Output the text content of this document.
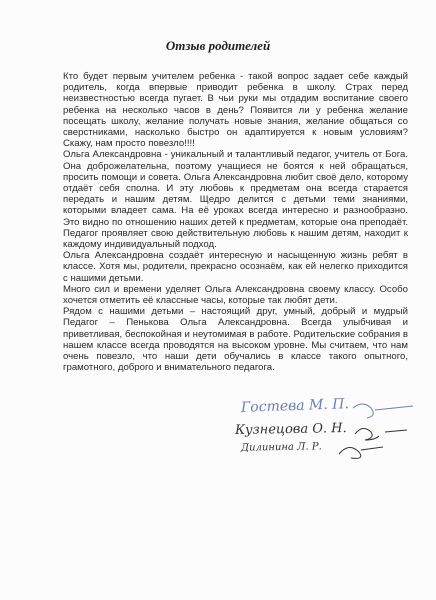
Отзыв родителей

Кто будет первым учителем ребенка - такой вопрос задает себе каждый родитель, когда впервые приводит ребенка в школу. Страх перед неизвестностью всегда пугает. В чьи руки мы отдадим воспитание своего ребенка на несколько часов в день? Появится ли у ребенка желание посещать школу, желание получать новые знания, желание общаться со сверстниками, насколько быстро он адаптируется к новым условиям? Скажу, нам просто повезло!!!!

Ольга Александровна - уникальный и талантливый педагог, учитель от Бога. Она доброжелательна, поэтому учащиеся не боятся к ней обращаться, просить помощи и совета. Ольга Александровна любит своё дело, которому отдаёт себя сполна. И эту любовь к предметам она всегда старается передать и нашим детям. Щедро делится с детьми теми знаниями, которыми владеет сама. На её уроках всегда интересно и разнообразно. Это видно по отношению наших детей к предметам, которые она преподаёт. Педагог проявляет свою действительную любовь к нашим детям, находит к каждому индивидуальный подход.

Ольга Александровна создаёт интересную и насыщенную жизнь ребят в классе. Хотя мы, родители, прекрасно осознаём, как ей нелегко приходится с нашими детьми.

Много сил и времени уделяет Ольга Александровна своему классу. Особо хочется отметить её классные часы, которые так любят дети.

Рядом с нашими детьми – настоящий друг, умный, добрый и мудрый Педагог – Пенькова Ольга Александровна. Всегда улыбчивая и приветливая, беспокойная и неутомимая в работе. Родительские собрания в нашем классе всегда проводятся на высоком уровне. Мы считаем, что нам очень повезло, что наши дети обучались в классе такого опытного, грамотного, доброго и внимательного педагога.

Гостева М. П.
Кузнецова О. Н.
Дилинина Л. Р.
